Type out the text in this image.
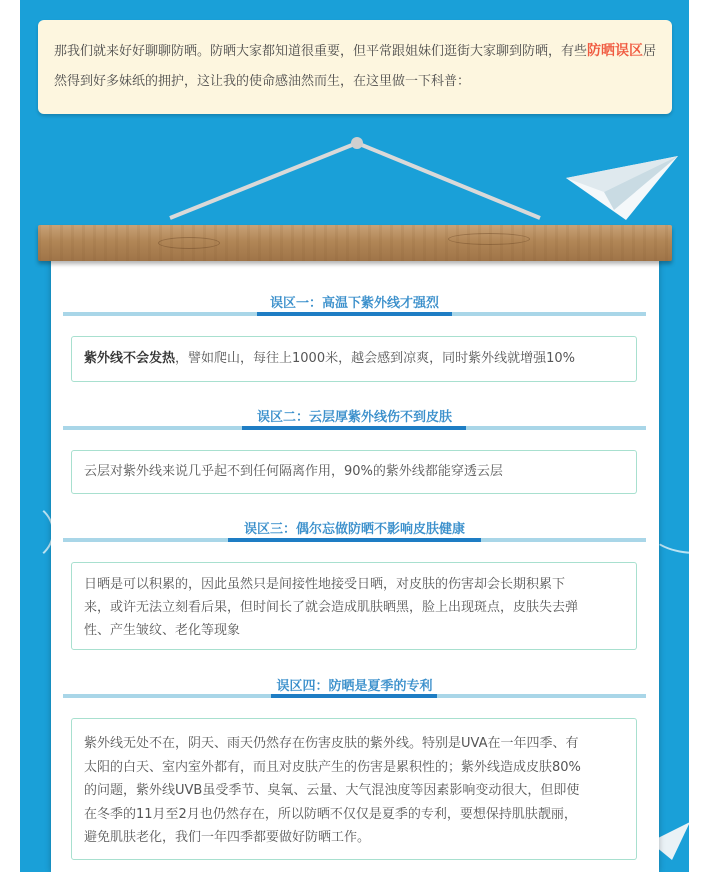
那我们就来好好聊聊防晒。防晒大家都知道很重要，但平常跟姐妹们逛街大家聊到防晒，有些防晒误区居然得到好多妹纸的拥护，这让我的使命感油然而生，在这里做一下科普：
误区一：高温下紫外线才强烈
紫外线不会发热，譬如爬山，每往上1000米，越会感到凉爽，同时紫外线就增强10%
误区二：云层厚紫外线伤不到皮肤
云层对紫外线来说几乎起不到任何隔离作用，90%的紫外线都能穿透云层
误区三：偶尔忘做防晒不影响皮肤健康
日晒是可以积累的，因此虽然只是间接性地接受日晒，对皮肤的伤害却会长期积累下
来，或许无法立刻看后果，但时间长了就会造成肌肤晒黑，脸上出现斑点，皮肤失去弹
性、产生皱纹、老化等现象
误区四：防晒是夏季的专利
紫外线无处不在，阴天、雨天仍然存在伤害皮肤的紫外线。特别是UVA在一年四季、有
太阳的白天、室内室外都有，而且对皮肤产生的伤害是累积性的；紫外线造成皮肤80%
的问题，紫外线UVB虽受季节、臭氧、云量、大气混浊度等因素影响变动很大，但即使
在冬季的11月至2月也仍然存在，所以防晒不仅仅是夏季的专利，要想保持肌肤靓丽，
避免肌肤老化，我们一年四季都要做好防晒工作。
